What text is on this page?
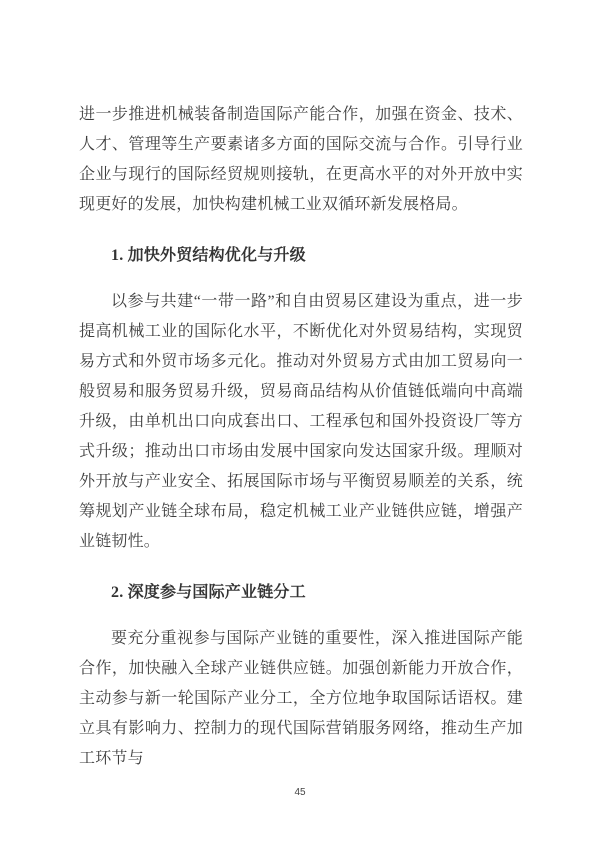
进一步推进机械装备制造国际产能合作，加强在资金、技术、人才、管理等生产要素诸多方面的国际交流与合作。引导行业企业与现行的国际经贸规则接轨，在更高水平的对外开放中实现更好的发展，加快构建机械工业双循环新发展格局。

1. 加快外贸结构优化与升级

以参与共建“一带一路”和自由贸易区建设为重点，进一步提高机械工业的国际化水平，不断优化对外贸易结构，实现贸易方式和外贸市场多元化。推动对外贸易方式由加工贸易向一般贸易和服务贸易升级，贸易商品结构从价值链低端向中高端升级，由单机出口向成套出口、工程承包和国外投资设厂等方式升级；推动出口市场由发展中国家向发达国家升级。理顺对外开放与产业安全、拓展国际市场与平衡贸易顺差的关系，统筹规划产业链全球布局，稳定机械工业产业链供应链，增强产业链韧性。

2. 深度参与国际产业链分工

要充分重视参与国际产业链的重要性，深入推进国际产能合作，加快融入全球产业链供应链。加强创新能力开放合作，主动参与新一轮国际产业分工，全方位地争取国际话语权。建立具有影响力、控制力的现代国际营销服务网络，推动生产加工环节与

45
